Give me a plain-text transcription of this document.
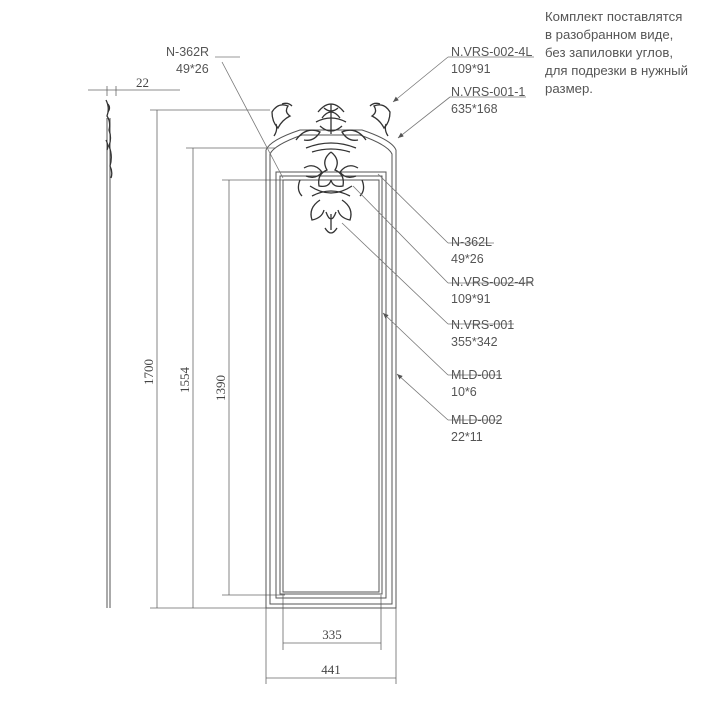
22
1700 1554 1390
335
441
N-362R
49*26
N.VRS-002-4L
109*91
N.VRS-001-1
635*168
N-362L
49*26
N.VRS-002-4R
109*91
N.VRS-001
355*342
MLD-001
10*6
MLD-002
22*11
Комплект поставлятся
в разобранном виде,
без запиловки углов,
для подрезки в нужный
размер.
